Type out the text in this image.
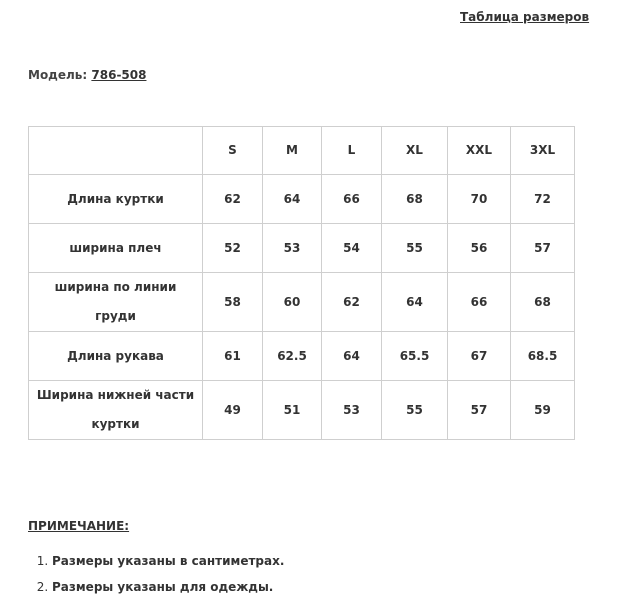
Таблица размеров
Модель: 786-508
	S	M	L	XL	XXL	3XL
Длина куртки	62	64	66	68	70	72
ширина плеч	52	53	54	55	56	57
ширина по линии груди	58	60	62	64	66	68
Длина рукава	61	62.5	64	65.5	67	68.5
Ширина нижней части куртки	49	51	53	55	57	59
ПРИМЕЧАНИЕ:
1. Размеры указаны в сантиметрах.
2. Размеры указаны для одежды.
